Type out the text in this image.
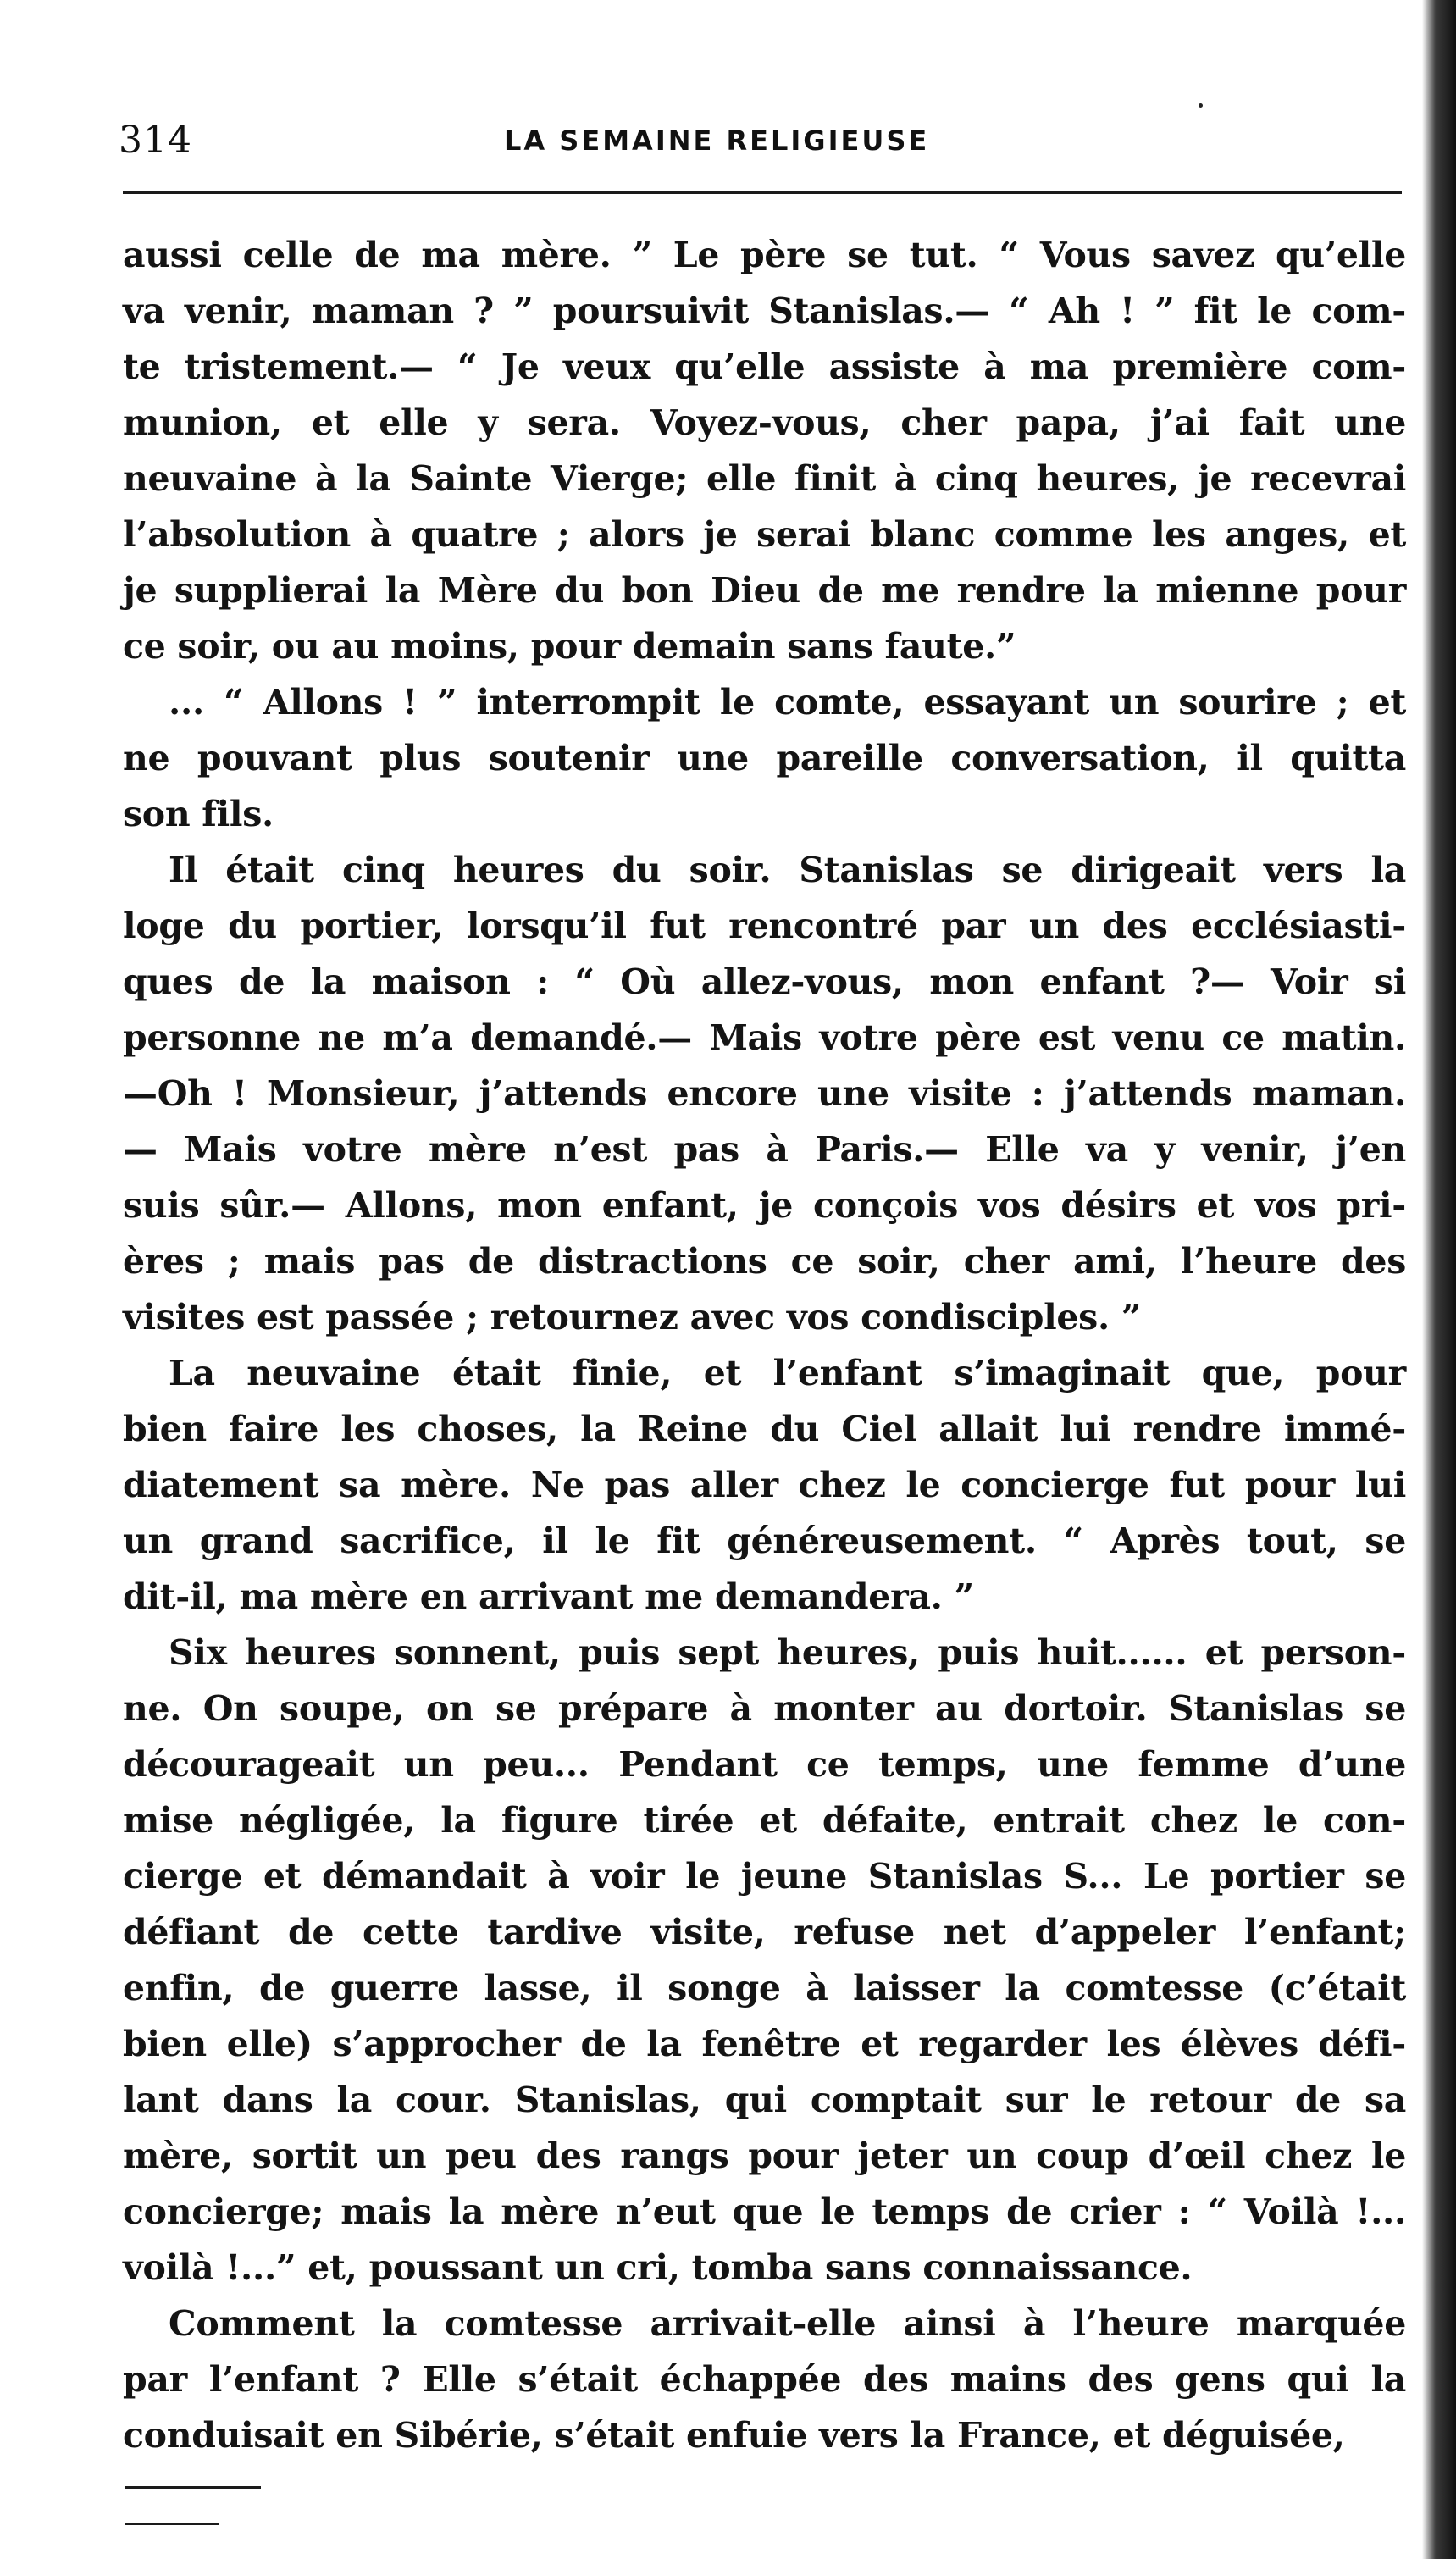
314	LA SEMAINE RELIGIEUSE
aussi celle de ma mère. ” Le père se tut. “ Vous savez qu’elle
va venir, maman ? ” poursuivit Stanislas.— “ Ah ! ” fit le com-
te tristement.— “ Je veux qu’elle assiste à ma première com-
munion, et elle y sera. Voyez-vous, cher papa, j’ai fait une
neuvaine à la Sainte Vierge; elle finit à cinq heures, je recevrai
l’absolution à quatre ; alors je serai blanc comme les anges, et
je supplierai la Mère du bon Dieu de me rendre la mienne pour
ce soir, ou au moins, pour demain sans faute.”
... “ Allons ! ” interrompit le comte, essayant un sourire ; et
ne pouvant plus soutenir une pareille conversation, il quitta
son fils.
Il était cinq heures du soir. Stanislas se dirigeait vers la
loge du portier, lorsqu’il fut rencontré par un des ecclésiasti-
ques de la maison : “ Où allez-vous, mon enfant ?— Voir si
personne ne m’a demandé.— Mais votre père est venu ce matin.
—Oh ! Monsieur, j’attends encore une visite : j’attends maman.
— Mais votre mère n’est pas à Paris.— Elle va y venir, j’en
suis sûr.— Allons, mon enfant, je conçois vos désirs et vos pri-
ères ; mais pas de distractions ce soir, cher ami, l’heure des
visites est passée ; retournez avec vos condisciples. ”
La neuvaine était finie, et l’enfant s’imaginait que, pour
bien faire les choses, la Reine du Ciel allait lui rendre immé-
diatement sa mère. Ne pas aller chez le concierge fut pour lui
un grand sacrifice, il le fit généreusement. “ Après tout, se
dit-il, ma mère en arrivant me demandera. ”
Six heures sonnent, puis sept heures, puis huit...... et person-
ne. On soupe, on se prépare à monter au dortoir. Stanislas se
décourageait un peu... Pendant ce temps, une femme d’une
mise négligée, la figure tirée et défaite, entrait chez le con-
cierge et démandait à voir le jeune Stanislas S... Le portier se
défiant de cette tardive visite, refuse net d’appeler l’enfant;
enfin, de guerre lasse, il songe à laisser la comtesse (c’était
bien elle) s’approcher de la fenêtre et regarder les élèves défi-
lant dans la cour. Stanislas, qui comptait sur le retour de sa
mère, sortit un peu des rangs pour jeter un coup d’œil chez le
concierge; mais la mère n’eut que le temps de crier : “ Voilà !...
voilà !...” et, poussant un cri, tomba sans connaissance.
Comment la comtesse arrivait-elle ainsi à l’heure marquée
par l’enfant ? Elle s’était échappée des mains des gens qui la
conduisait en Sibérie, s’était enfuie vers la France, et déguisée,
